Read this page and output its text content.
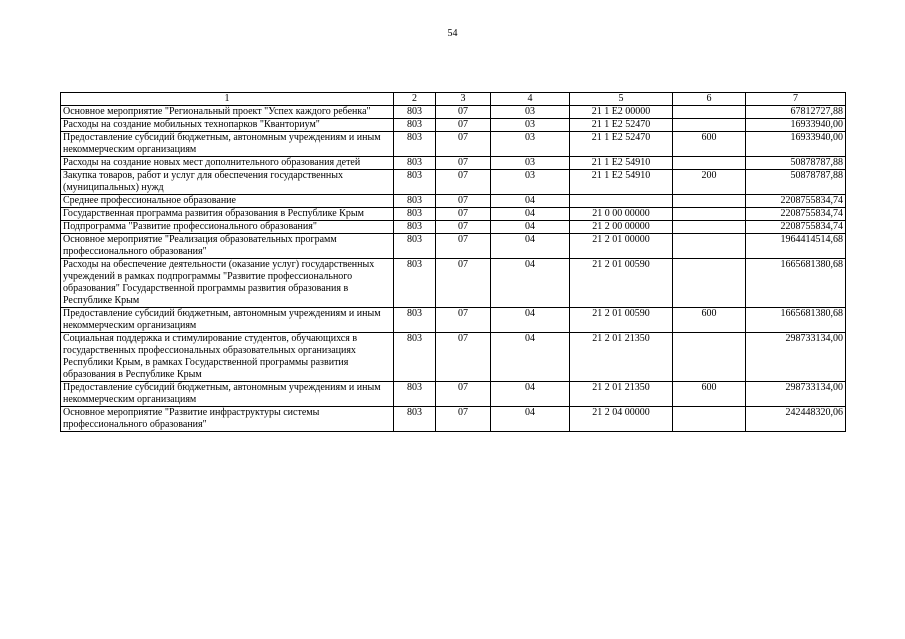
54
1	2	3	4	5	6	7
Основное мероприятие "Региональный проект "Успех каждого ребенка"	803	07	03	21 1 Е2 00000		67812727,88
Расходы на создание мобильных технопарков "Кванториум"	803	07	03	21 1 Е2 52470		16933940,00
Предоставление субсидий бюджетным, автономным учреждениям и иным некоммерческим организациям	803	07	03	21 1 Е2 52470	600	16933940,00
Расходы на создание новых мест дополнительного образования детей	803	07	03	21 1 Е2 54910		50878787,88
Закупка товаров, работ и услуг для обеспечения государственных (муниципальных) нужд	803	07	03	21 1 Е2 54910	200	50878787,88
Среднее профессиональное образование	803	07	04			2208755834,74
Государственная программа развития образования в Республике Крым	803	07	04	21 0 00 00000		2208755834,74
Подпрограмма "Развитие профессионального образования"	803	07	04	21 2 00 00000		2208755834,74
Основное мероприятие "Реализация образовательных программ профессионального образования"	803	07	04	21 2 01 00000		1964414514,68
Расходы на обеспечение деятельности (оказание услуг) государственных учреждений в рамках подпрограммы "Развитие профессионального образования" Государственной программы развития образования в Республике Крым	803	07	04	21 2 01 00590		1665681380,68
Предоставление субсидий бюджетным, автономным учреждениям и иным некоммерческим организациям	803	07	04	21 2 01 00590	600	1665681380,68
Социальная поддержка и стимулирование студентов, обучающихся в государственных профессиональных образовательных организациях Республики Крым, в рамках Государственной программы развития образования в Республике Крым	803	07	04	21 2 01 21350		298733134,00
Предоставление субсидий бюджетным, автономным учреждениям и иным некоммерческим организациям	803	07	04	21 2 01 21350	600	298733134,00
Основное мероприятие "Развитие инфраструктуры системы профессионального образования"	803	07	04	21 2 04 00000		242448320,06
